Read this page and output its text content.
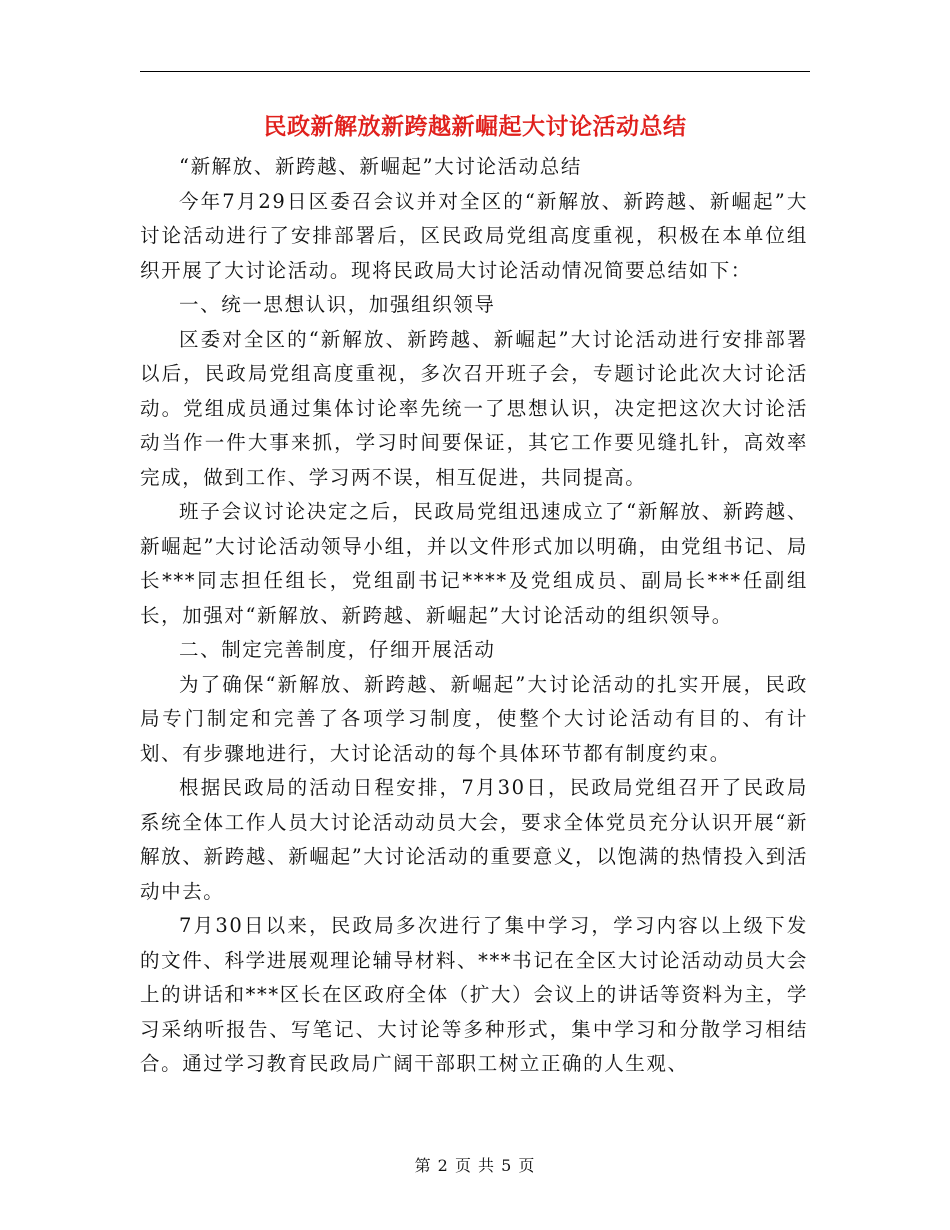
民政新解放新跨越新崛起大讨论活动总结

“新解放、新跨越、新崛起”大讨论活动总结

今年7月29日区委召会议并对全区的“新解放、新跨越、新崛起”大讨论活动进行了安排部署后，区民政局党组高度重视，积极在本单位组织开展了大讨论活动。现将民政局大讨论活动情况简要总结如下：

一、统一思想认识，加强组织领导

区委对全区的“新解放、新跨越、新崛起”大讨论活动进行安排部署以后，民政局党组高度重视，多次召开班子会，专题讨论此次大讨论活动。党组成员通过集体讨论率先统一了思想认识，决定把这次大讨论活动当作一件大事来抓，学习时间要保证，其它工作要见缝扎针，高效率完成，做到工作、学习两不误，相互促进，共同提高。

班子会议讨论决定之后，民政局党组迅速成立了“新解放、新跨越、新崛起”大讨论活动领导小组，并以文件形式加以明确，由党组书记、局长***同志担任组长，党组副书记****及党组成员、副局长***任副组长，加强对“新解放、新跨越、新崛起”大讨论活动的组织领导。

二、制定完善制度，仔细开展活动

为了确保“新解放、新跨越、新崛起”大讨论活动的扎实开展，民政局专门制定和完善了各项学习制度，使整个大讨论活动有目的、有计划、有步骤地进行，大讨论活动的每个具体环节都有制度约束。

根据民政局的活动日程安排，7月30日，民政局党组召开了民政局系统全体工作人员大讨论活动动员大会，要求全体党员充分认识开展“新解放、新跨越、新崛起”大讨论活动的重要意义，以饱满的热情投入到活动中去。

7月30日以来，民政局多次进行了集中学习，学习内容以上级下发的文件、科学进展观理论辅导材料、***书记在全区大讨论活动动员大会上的讲话和***区长在区政府全体（扩大）会议上的讲话等资料为主，学习采纳听报告、写笔记、大讨论等多种形式，集中学习和分散学习相结合。通过学习教育民政局广阔干部职工树立正确的人生观、

第 2 页 共 5 页
